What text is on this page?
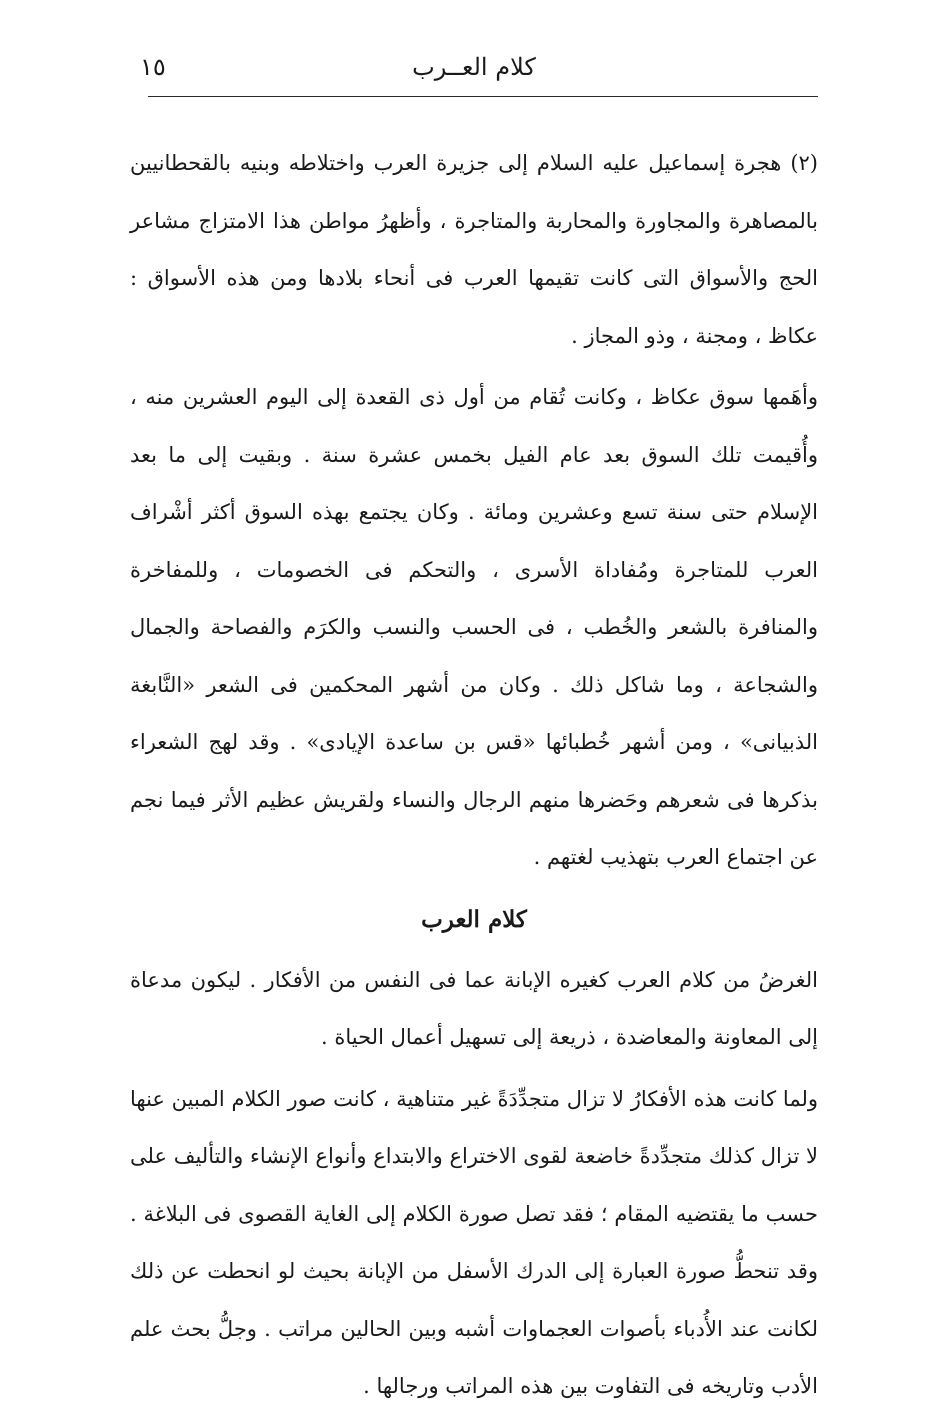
كلام العــرب
١٥

(٢) هجرة إسماعيل عليه السلام إلى جزيرة العرب واختلاطه وبنيه بالقحطانيين بالمصاهرة والمجاورة والمحاربة والمتاجرة ، وأظهرُ مواطن هذا الامتزاج مشاعر الحج والأسواق التى كانت تقيمها العرب فى أنحاء بلادها ومن هذه الأسواق : عكاظ ، ومجنة ، وذو المجاز .

وأهَمها سوق عكاظ ، وكانت تُقام من أول ذى القعدة إلى اليوم العشرين منه ، وأُقيمت تلك السوق بعد عام الفيل بخمس عشرة سنة . وبقيت إلى ما بعد الإسلام حتى سنة تسع وعشرين ومائة . وكان يجتمع بهذه السوق أكثر أشْراف العرب للمتاجرة ومُفاداة الأسرى ، والتحكم فى الخصومات ، وللمفاخرة والمنافرة بالشعر والخُطب ، فى الحسب والنسب والكرَم والفصاحة والجمال والشجاعة ، وما شاكل ذلك . وكان من أشهر المحكمين فى الشعر «النَّابغة الذبيانى» ، ومن أشهر خُطبائها «قس بن ساعدة الإيادى» . وقد لهج الشعراء بذكرها فى شعرهم وحَضرها منهم الرجال والنساء ولقريش عظيم الأثر فيما نجم عن اجتماع العرب بتهذيب لغتهم .

كلام العرب

الغرضُ من كلام العرب كغيره الإبانة عما فى النفس من الأفكار . ليكون مدعاة إلى المعاونة والمعاضدة ، ذريعة إلى تسهيل أعمال الحياة .

ولما كانت هذه الأفكارُ لا تزال متجدِّدَةً غير متناهية ، كانت صور الكلام المبين عنها لا تزال كذلك متجدِّدةً خاضعة لقوى الاختراع والابتداع وأنواع الإنشاء والتأليف على حسب ما يقتضيه المقام ؛ فقد تصل صورة الكلام إلى الغاية القصوى فى البلاغة . وقد تنحطُّ صورة العبارة إلى الدرك الأسفل من الإبانة بحيث لو انحطت عن ذلك لكانت عند الأُدباء بأصوات العجماوات أشبه وبين الحالين مراتب . وجلُّ بحث علم الأدب وتاريخه فى التفاوت بين هذه المراتب ورجالها .
